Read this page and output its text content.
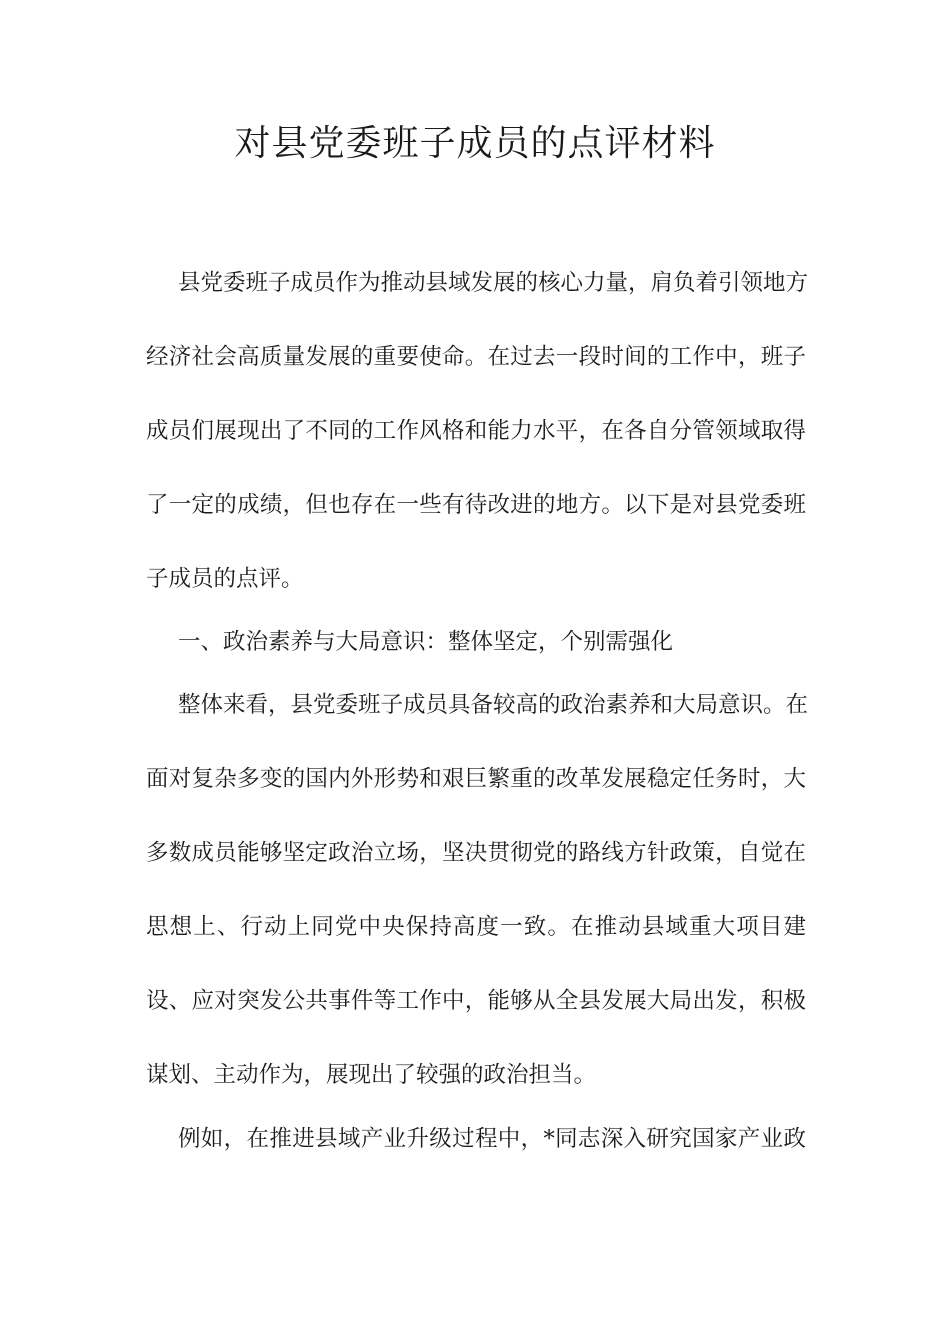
对县党委班子成员的点评材料

县党委班子成员作为推动县域发展的核心力量，肩负着引领地方

经济社会高质量发展的重要使命。在过去一段时间的工作中，班子

成员们展现出了不同的工作风格和能力水平，在各自分管领域取得

了一定的成绩，但也存在一些有待改进的地方。以下是对县党委班

子成员的点评。

一、政治素养与大局意识：整体坚定，个别需强化

整体来看，县党委班子成员具备较高的政治素养和大局意识。在

面对复杂多变的国内外形势和艰巨繁重的改革发展稳定任务时，大

多数成员能够坚定政治立场，坚决贯彻党的路线方针政策，自觉在

思想上、行动上同党中央保持高度一致。在推动县域重大项目建

设、应对突发公共事件等工作中，能够从全县发展大局出发，积极

谋划、主动作为，展现出了较强的政治担当。

例如，在推进县域产业升级过程中，*同志深入研究国家产业政
